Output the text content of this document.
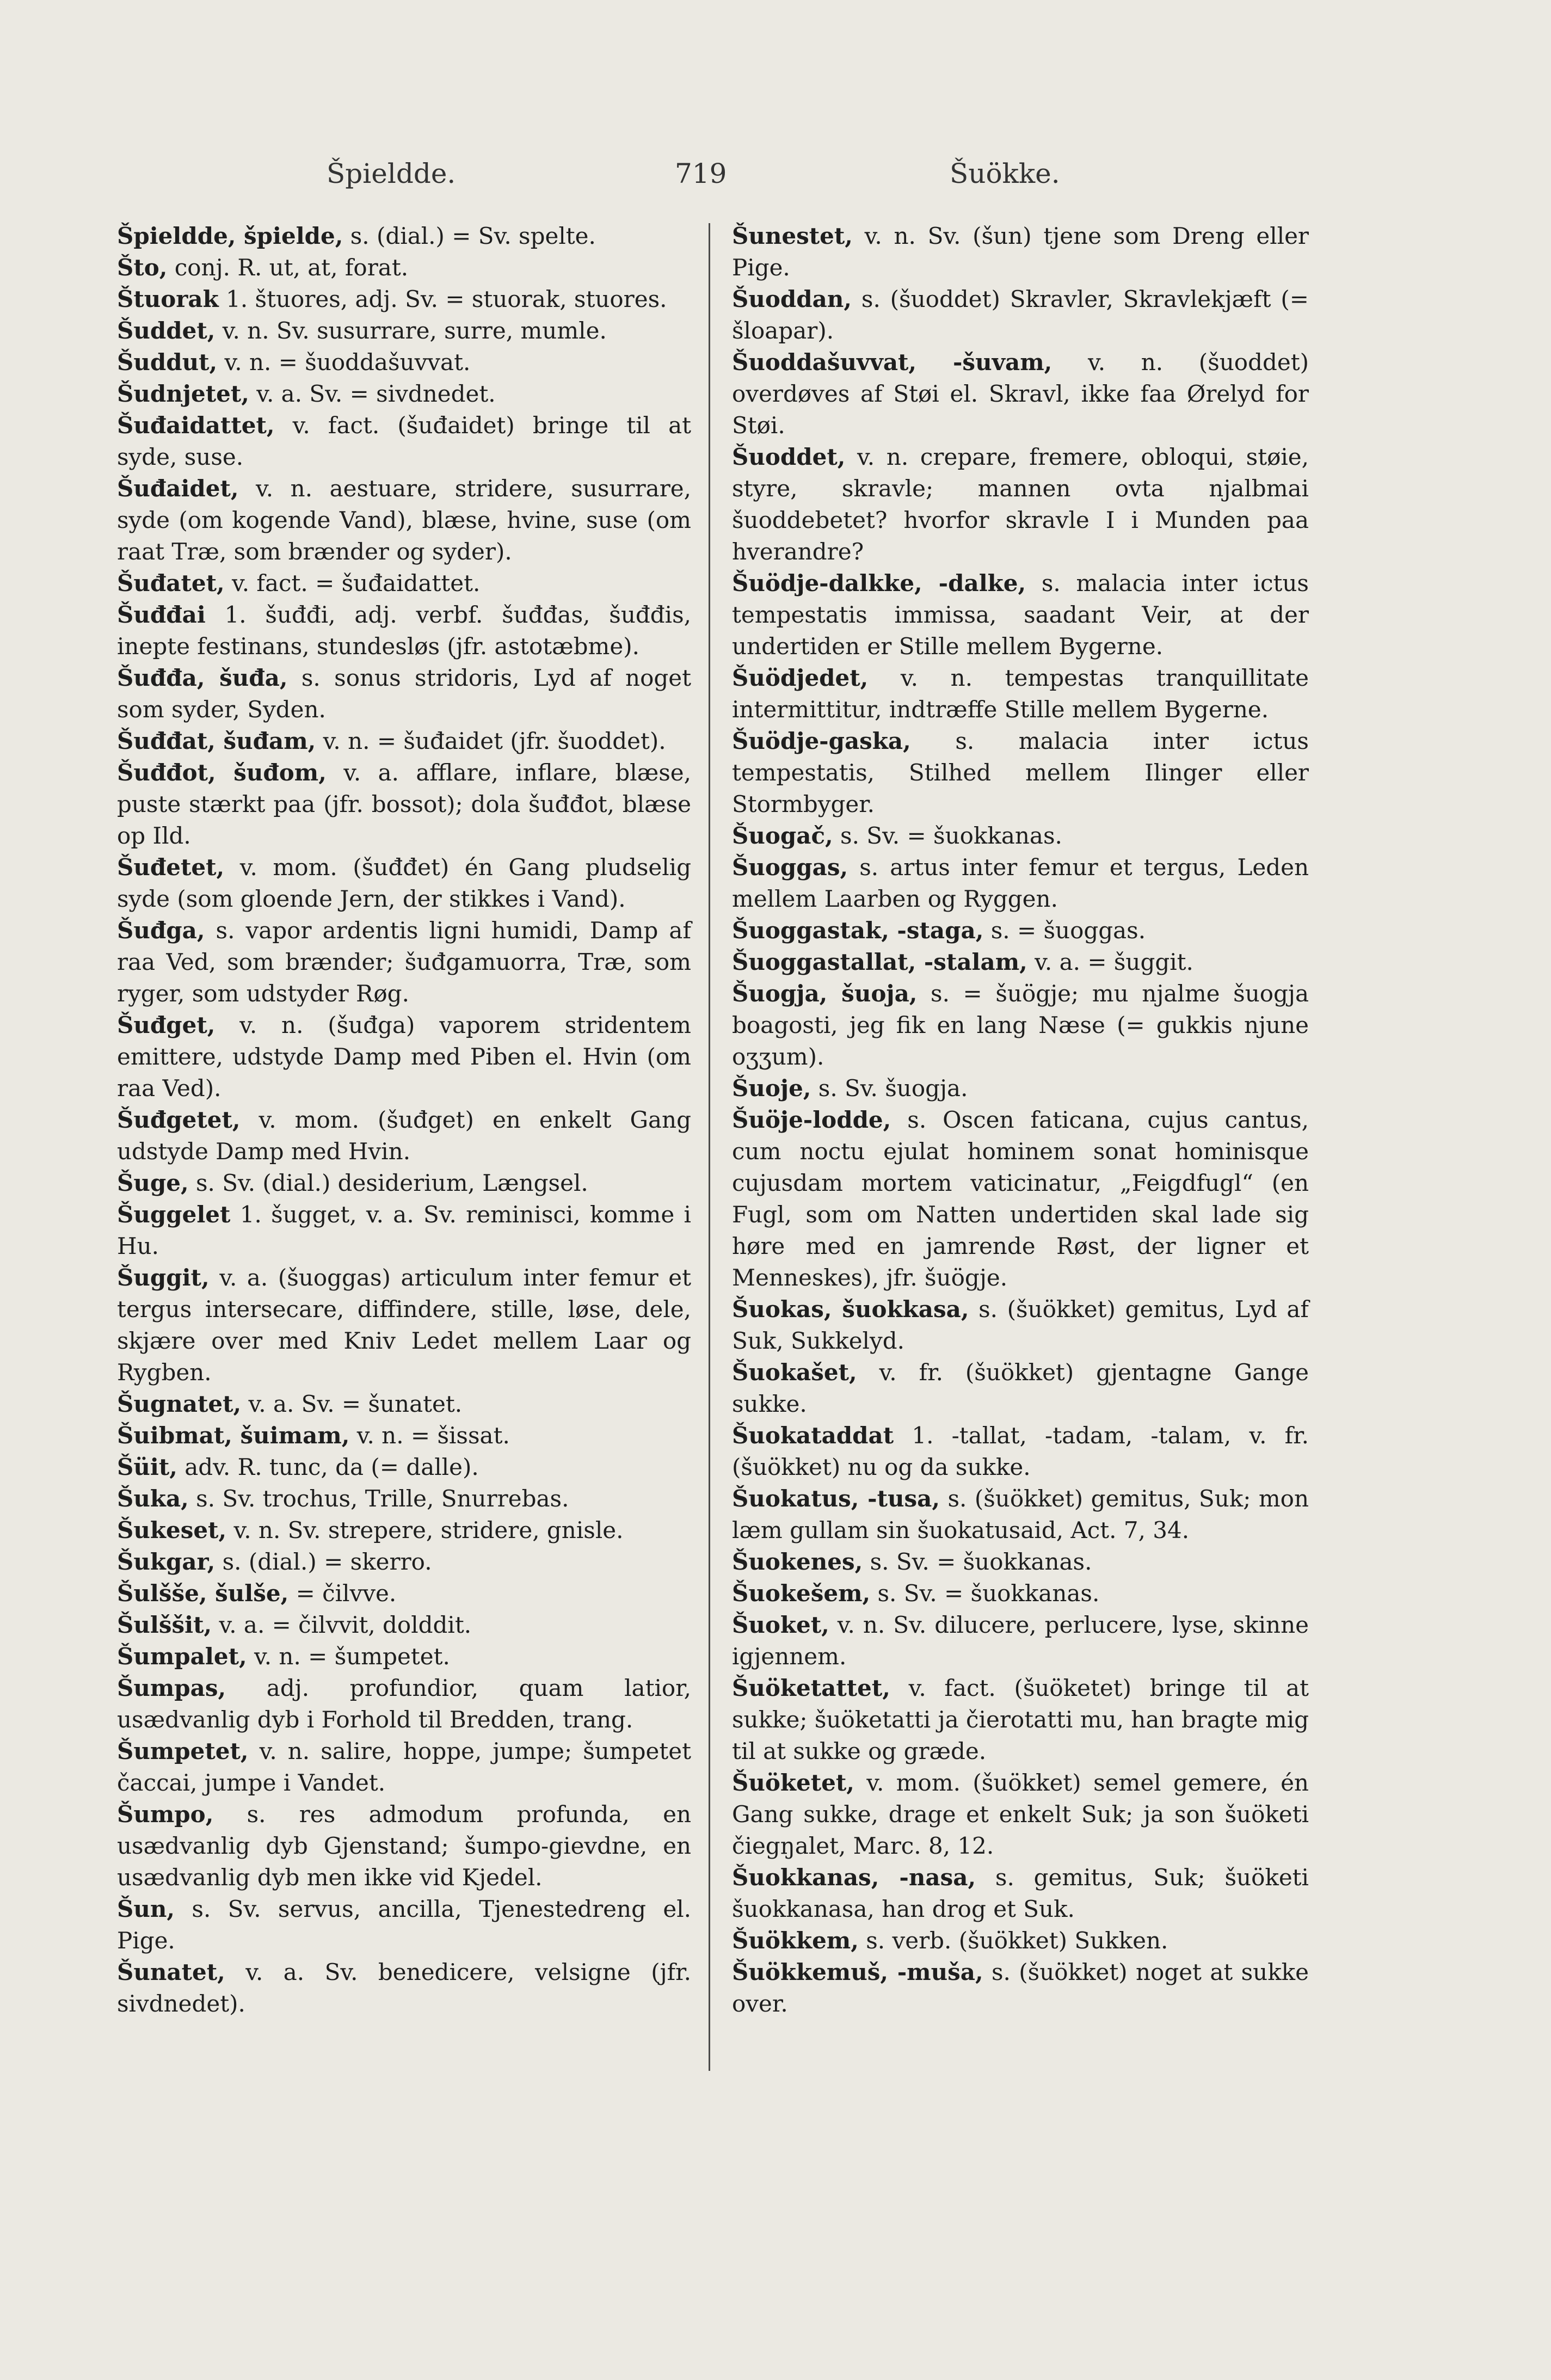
Špieldde.	719	Šuökke.

Špieldde, špielde, s. (dial.) = Sv. spelte.

Što, conj. R. ut, at, forat.

Štuorak 1. štuores, adj. Sv. = stuorak, stuores.

Šuddet, v. n. Sv. susurrare, surre, mumle.

Šuddut, v. n. = šuoddašuvvat.

Šudnjetet, v. a. Sv. = sivdnedet.

Šuđaidattet, v. fact. (šuđaidet) bringe til at syde, suse.

Šuđaidet, v. n. aestuare, stridere, susurrare, syde (om kogende Vand), blæse, hvine, suse (om raat Træ, som brænder og syder).

Šuđatet, v. fact. = šuđaidattet.

Šuđđai 1. šuđđi, adj. verbf. šuđđas, šuđđis, inepte festinans, stundesløs (jfr. astotæbme).

Šuđđa, šuđa, s. sonus stridoris, Lyd af noget som syder, Syden.

Šuđđat, šuđam, v. n. = šuđaidet (jfr. šuoddet).

Šuđđot, šuđom, v. a. afflare, inflare, blæse, puste stærkt paa (jfr. bossot); dola šuđđot, blæse op Ild.

Šuđetet, v. mom. (šuđđet) én Gang pludselig syde (som gloende Jern, der stikkes i Vand).

Šuđga, s. vapor ardentis ligni humidi, Damp af raa Ved, som brænder; šuđgamuorra, Træ, som ryger, som udstyder Røg.

Šuđget, v. n. (šuđga) vaporem stridentem emittere, udstyde Damp med Piben el. Hvin (om raa Ved).

Šuđgetet, v. mom. (šuđget) en enkelt Gang udstyde Damp med Hvin.

Šuge, s. Sv. (dial.) desiderium, Længsel.

Šuggelet 1. šugget, v. a. Sv. reminisci, komme i Hu.

Šuggit, v. a. (šuoggas) articulum inter femur et tergus intersecare, diffindere, stille, løse, dele, skjære over med Kniv Ledet mellem Laar og Rygben.

Šugnatet, v. a. Sv. = šunatet.

Šuibmat, šuimam, v. n. = šissat.

Šüit, adv. R. tunc, da (= dalle).

Šuka, s. Sv. trochus, Trille, Snurrebas.

Šukeset, v. n. Sv. strepere, stridere, gnisle.

Šukgar, s. (dial.) = skerro.

Šulšše, šulše, = čilvve.

Šulššit, v. a. = čilvvit, dolddit.

Šumpalet, v. n. = šumpetet.

Šumpas, adj. profundior, quam latior, usædvanlig dyb i Forhold til Bredden, trang.

Šumpetet, v. n. salire, hoppe, jumpe; šumpetet čaccai, jumpe i Vandet.

Šumpo, s. res admodum profunda, en usædvanlig dyb Gjenstand; šumpo-gievdne, en usædvanlig dyb men ikke vid Kjedel.

Šun, s. Sv. servus, ancilla, Tjenestedreng el. Pige.

Šunatet, v. a. Sv. benedicere, velsigne (jfr. sivdnedet).

Šunestet, v. n. Sv. (šun) tjene som Dreng eller Pige.

Šuoddan, s. (šuoddet) Skravler, Skravlekjæft (= šloapar).

Šuoddašuvvat, -šuvam, v. n. (šuoddet) overdøves af Støi el. Skravl, ikke faa Ørelyd for Støi.

Šuoddet, v. n. crepare, fremere, obloqui, støie, styre, skravle; mannen ovta njalbmai šuoddebetet? hvorfor skravle I i Munden paa hverandre?

Šuödje-dalkke, -dalke, s. malacia inter ictus tempestatis immissa, saadant Veir, at der undertiden er Stille mellem Bygerne.

Šuödjedet, v. n. tempestas tranquillitate intermittitur, indtræffe Stille mellem Bygerne.

Šuödje-gaska, s. malacia inter ictus tempestatis, Stilhed mellem Ilinger eller Stormbyger.

Šuogač, s. Sv. = šuokkanas.

Šuoggas, s. artus inter femur et tergus, Leden mellem Laarben og Ryggen.

Šuoggastak, -staga, s. = šuoggas.

Šuoggastallat, -stalam, v. a. = šuggit.

Šuogja, šuoja, s. = šuögje; mu njalme šuogja boagosti, jeg fik en lang Næse (= gukkis njune oʒʒum).

Šuoje, s. Sv. šuogja.

Šuöje-lodde, s. Oscen faticana, cujus cantus, cum noctu ejulat hominem sonat hominisque cujusdam mortem vaticinatur, „Feigdfugl“ (en Fugl, som om Natten undertiden skal lade sig høre med en jamrende Røst, der ligner et Menneskes), jfr. šuögje.

Šuokas, šuokkasa, s. (šuökket) gemitus, Lyd af Suk, Sukkelyd.

Šuokašet, v. fr. (šuökket) gjentagne Gange sukke.

Šuokataddat 1. -tallat, -tadam, -talam, v. fr. (šuökket) nu og da sukke.

Šuokatus, -tusa, s. (šuökket) gemitus, Suk; mon læm gullam sin šuokatusaid, Act. 7, 34.

Šuokenes, s. Sv. = šuokkanas.

Šuokešem, s. Sv. = šuokkanas.

Šuoket, v. n. Sv. dilucere, perlucere, lyse, skinne igjennem.

Šuöketattet, v. fact. (šuöketet) bringe til at sukke; šuöketatti ja čierotatti mu, han bragte mig til at sukke og græde.

Šuöketet, v. mom. (šuökket) semel gemere, én Gang sukke, drage et enkelt Suk; ja son šuöketi čiegŋalet, Marc. 8, 12.

Šuokkanas, -nasa, s. gemitus, Suk; šuöketi šuokkanasa, han drog et Suk.

Šuökkem, s. verb. (šuökket) Sukken.

Šuökkemuš, -muša, s. (šuökket) noget at sukke over.
